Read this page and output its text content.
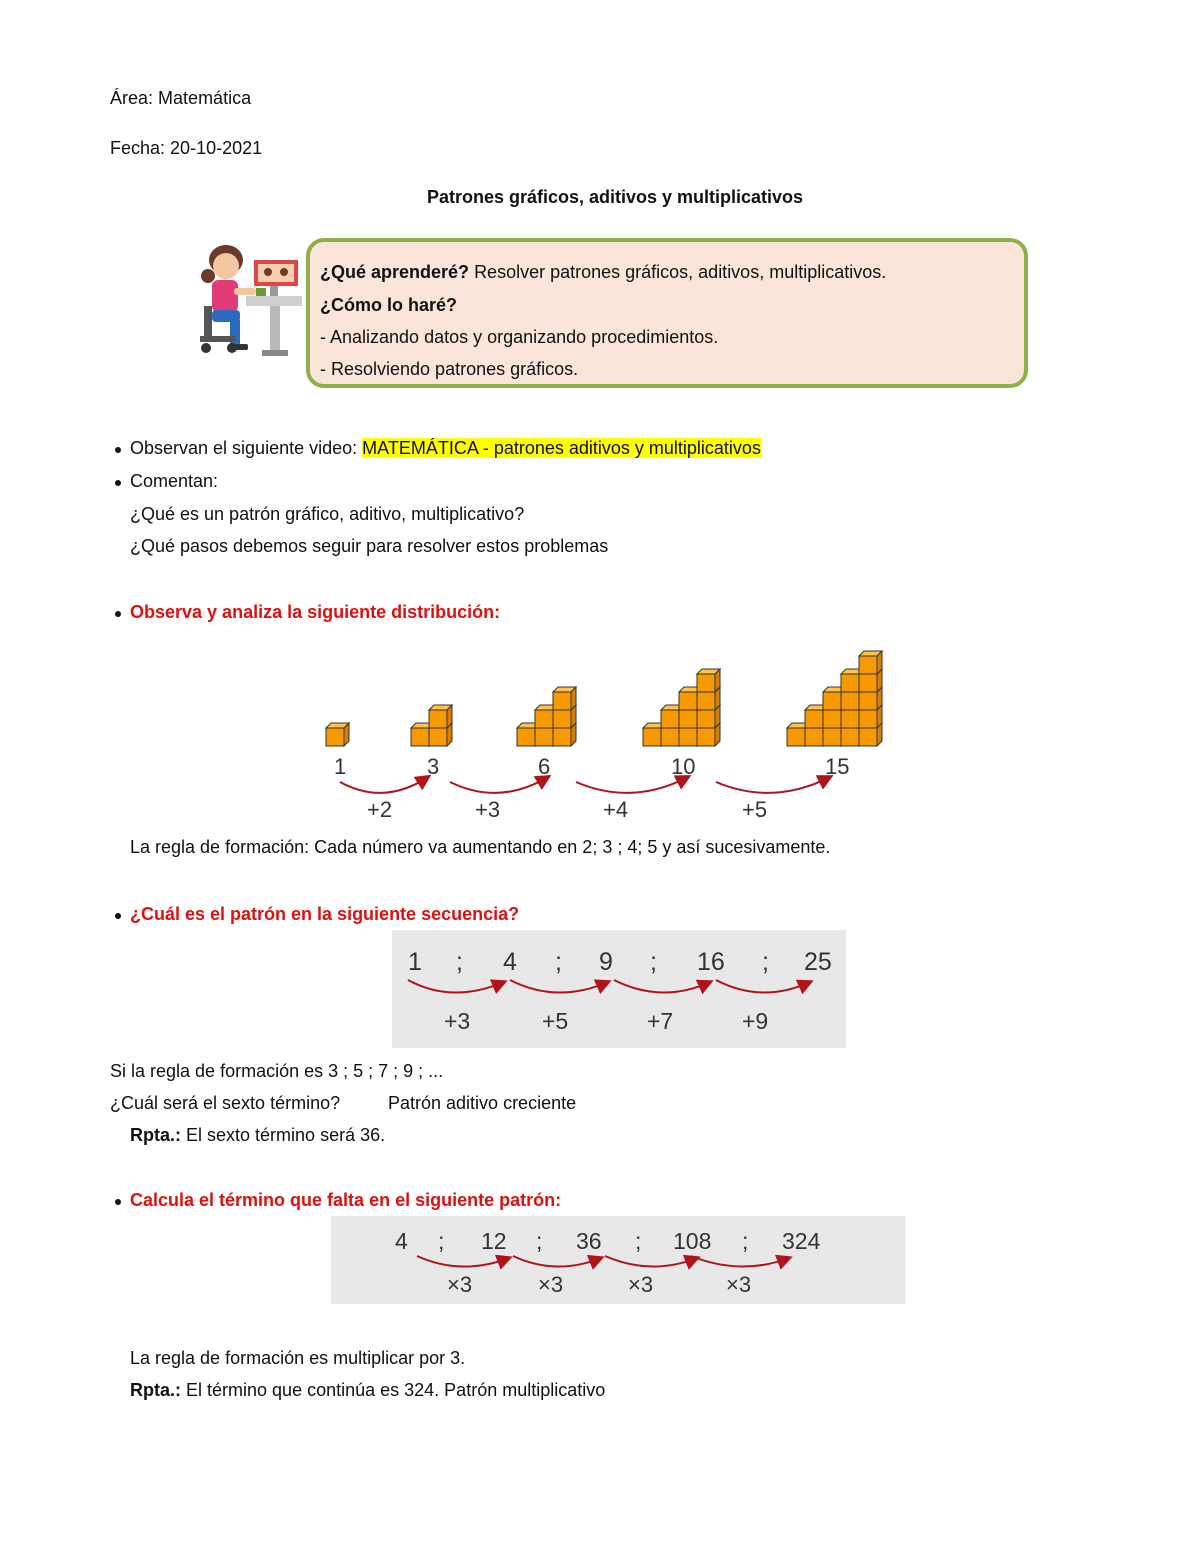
Área: Matemática
Fecha: 20-10-2021
Patrones gráficos, aditivos y multiplicativos
¿Qué aprenderé? Resolver patrones gráficos, aditivos, multiplicativos.
¿Cómo lo haré?
- Analizando datos y organizando procedimientos.
- Resolviendo patrones gráficos.
Observan el siguiente video: MATEMÁTICA - patrones aditivos y multiplicativos
Comentan:
¿Qué es un patrón gráfico, aditivo, multiplicativo?
¿Qué pasos debemos seguir para resolver estos problemas
Observa y analiza la siguiente distribución:
1	3	6	10	15
+2	+3	+4	+5
La regla de formación: Cada número va aumentando en 2; 3 ; 4; 5 y así sucesivamente.
¿Cuál es el patrón en la siguiente secuencia?
1 ; 4 ; 9 ; 16 ; 25
+3	+5	+7	+9
Si la regla de formación es 3 ; 5 ; 7 ; 9 ; ...
¿Cuál será el sexto término?	Patrón aditivo creciente
Rpta.: El sexto término será 36.
Calcula el término que falta en el siguiente patrón:
4 ; 12 ; 36 ; 108 ; 324
×3	×3	×3	×3
La regla de formación es multiplicar por 3.
Rpta.: El término que continúa es 324. Patrón multiplicativo
